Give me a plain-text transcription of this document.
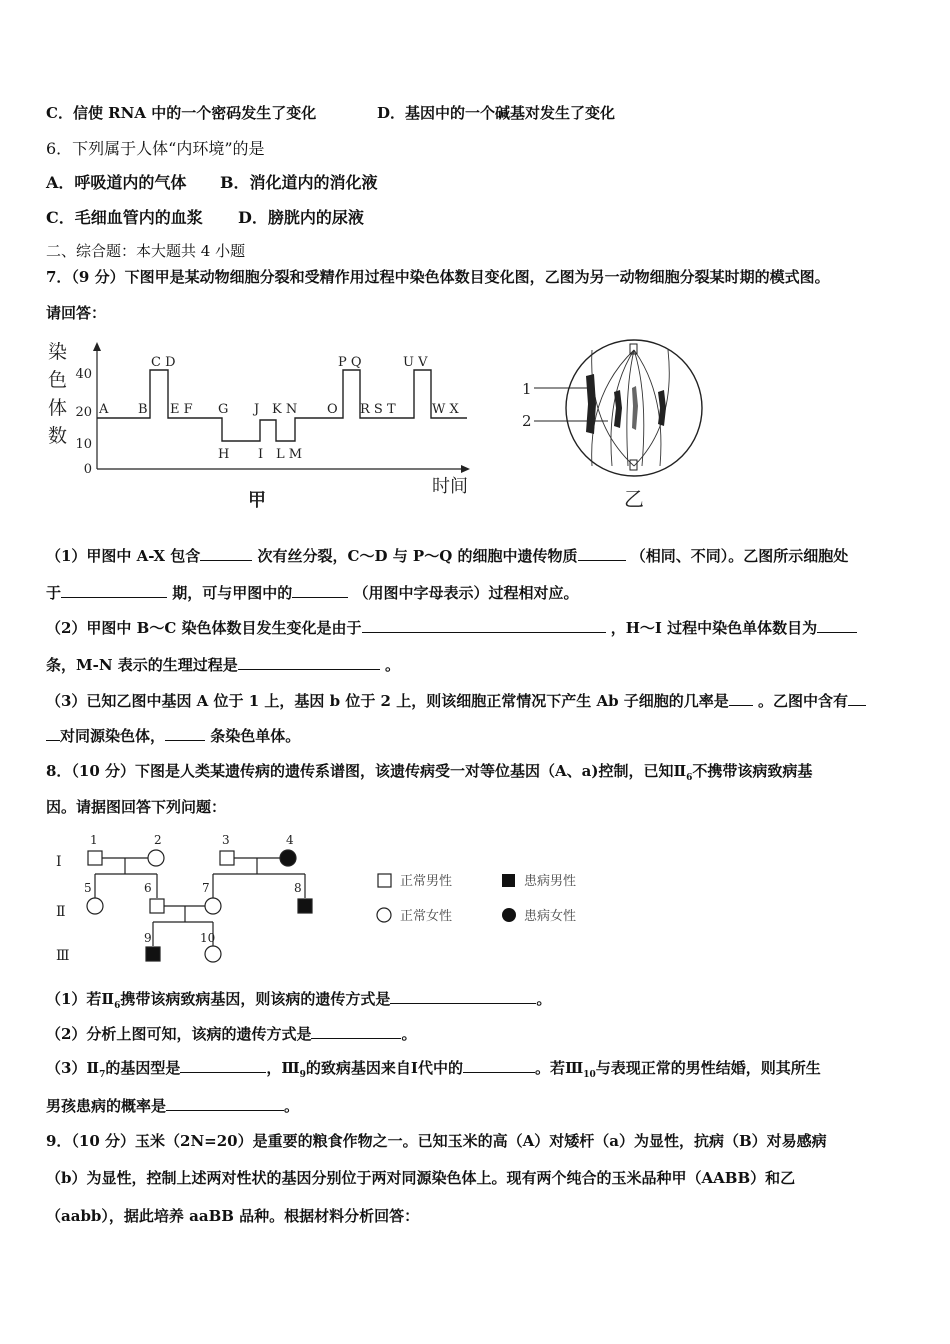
C．信使 RNA 中的一个密码发生了变化	D．基因中的一个碱基对发生了变化
6．下列属于人体“内环境”的是
A．呼吸道内的气体 B．消化道内的消化液
C．毛细血管内的血浆 D．膀胱内的尿液
二、综合题：本大题共 4 小题
7．（9 分）下图甲是某动物细胞分裂和受精作用过程中染色体数目变化图，乙图为另一动物细胞分裂某时期的模式图。
请回答：
染
色
体
数
40
20
10
0
C D	P Q	U V
A B E F G J K N O R S T	W X
H I L M
时间
甲
1
2
乙
（1）甲图中 A-X 包含	次有丝分裂，C～D 与 P～Q 的细胞中遗传物质	（相同、不同）。乙图所示细胞处
于	期，可与甲图中的	（用图中字母表示）过程相对应。
（2）甲图中 B～C 染色体数目发生变化是由于	，H～I 过程中染色单体数目为
条，M-N 表示的生理过程是	。
（3）已知乙图中基因 A 位于 1 上，基因 b 位于 2 上，则该细胞正常情况下产生 Ab 子细胞的几率是 。乙图中含有
对同源染色体，	条染色单体。
8．（10 分）下图是人类某遗传病的遗传系谱图，该遗传病受一对等位基因（A、a)控制，已知$Ⅱ_6$不携带该病致病基
因。请据图回答下列问题：
Ⅰ
Ⅱ
Ⅲ
1	2	3	4
5	6	7	8
9	10
正常男性	患病男性
正常女性	患病女性
（1）若$Ⅱ_6$携带该病致病基因，则该病的遗传方式是	。
（2）分析上图可知，该病的遗传方式是	。
$(3)Ⅱ_7$的基因型是	，$Ⅲ_9$的致病基因来自Ⅰ代中的	。若$Ⅲ_{10}$与表现正常的男性结婚，则其所生
男孩患病的概率是	。
9．（10 分）玉米（2N=20）是重要的粮食作物之一。已知玉米的高（A）对矮杆（a）为显性，抗病（B）对易感病
（b）为显性，控制上述两对性状的基因分别位于两对同源染色体上。现有两个纯合的玉米品种甲（AABB）和乙
（aabb），据此培养 aaBB 品种。根据材料分析回答：
